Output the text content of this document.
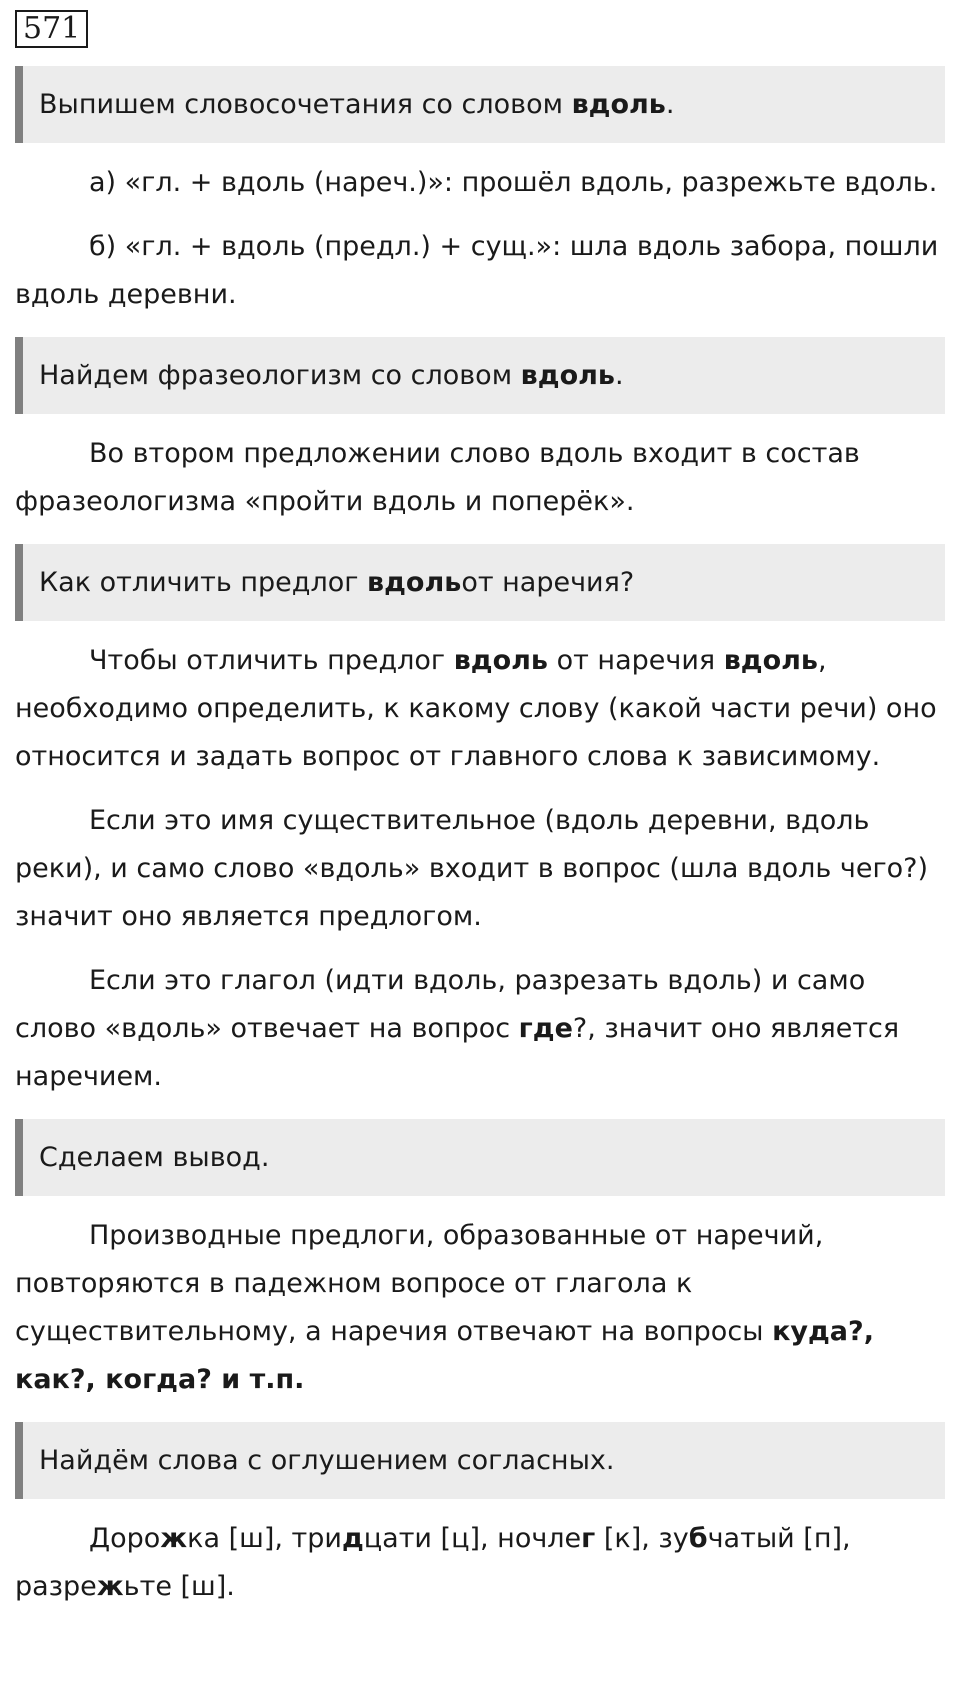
571
Выпишем словосочетания со словом
вдоль .

а) «гл. + вдоль (нареч.)»: прошёл вдоль, разрежьте вдоль.

б) «гл. + вдоль (предл.) + сущ.»: шла вдоль забора, пошли вдоль деревни.

Найдем фразеологизм со словом
вдоль .

Во втором предложении слово вдоль входит в состав фразеологизма «пройти вдоль и поперёк».

Как отличить предлог
вдоль от наречия?

Чтобы отличить предлог вдоль от наречия вдоль, необходимо определить, к какому слову (какой части речи) оно относится и задать вопрос от главного слова к зависимому.

Если это имя существительное (вдоль деревни, вдоль реки), и само слово «вдоль» входит в вопрос (шла вдоль чего?) значит оно является предлогом.

Если это глагол (идти вдоль, разрезать вдоль) и само слово «вдоль» отвечает на вопрос где?, значит оно является наречием.

Сделаем вывод.

Производные предлоги, образованные от наречий, повторяются в падежном вопросе от глагола к существительному, а наречия отвечают на вопросы куда?, как?, когда? и т.п.

Найдём слова с оглушением согласных.

Дорожка [ш], тридцати [ц], ночлег [к], зубчатый [п], разрежьте [ш].
